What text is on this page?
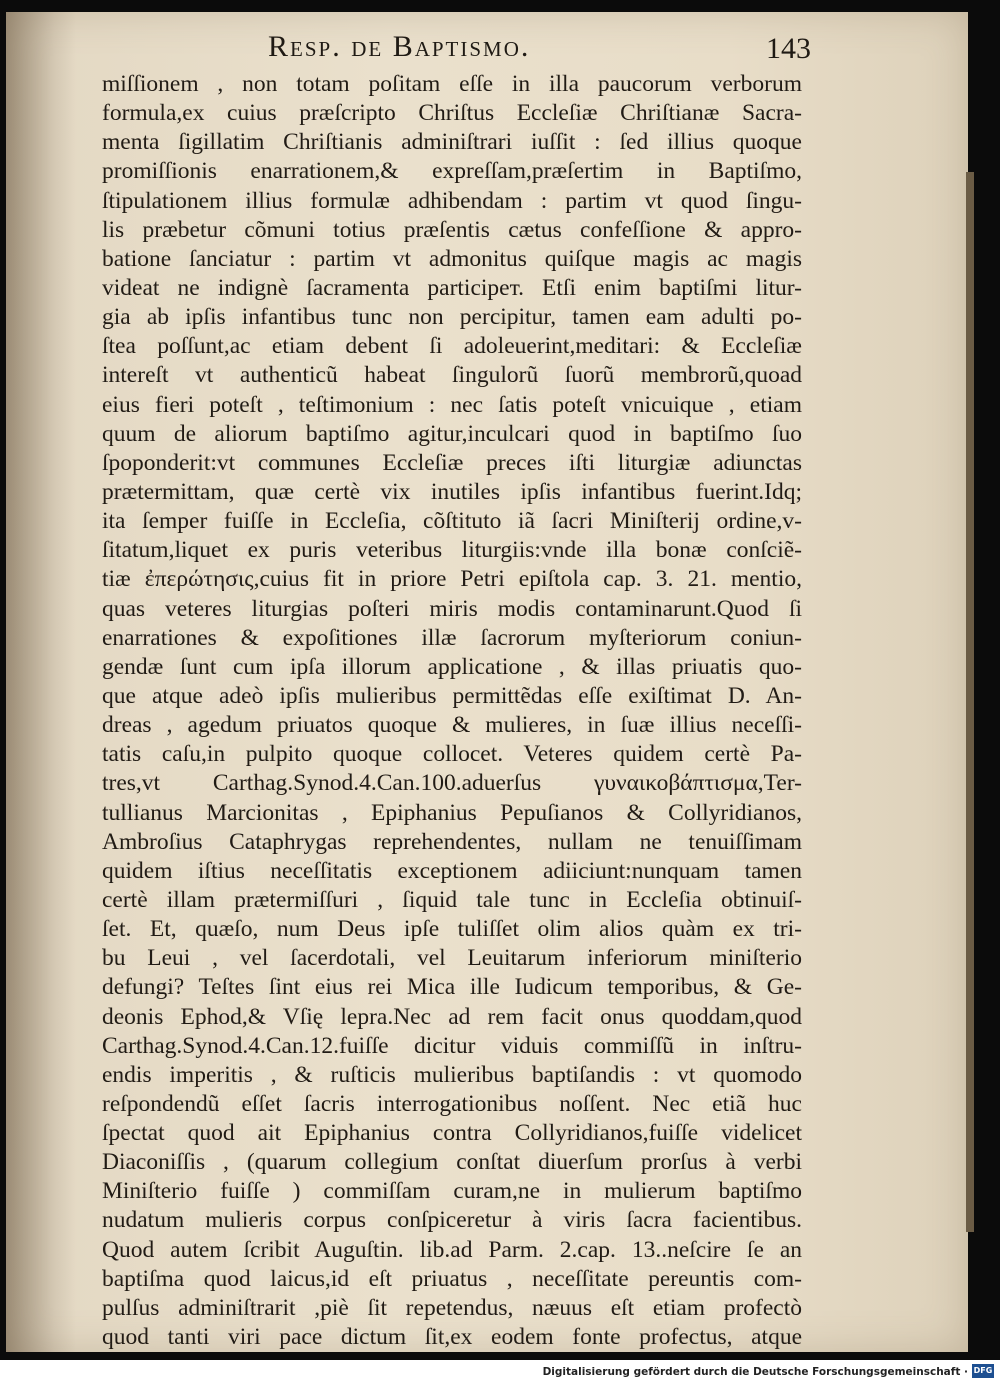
Resp. de Baptismo.	143
miſſionem , non totam poſitam eſſe in illa paucorum verborum
formula,ex cuius præſcripto Chriſtus Eccleſiæ Chriſtianæ Sacra-
menta ſigillatim Chriſtianis adminiſtrari iuſſit : ſed illius quoque
promiſſionis enarrationem,& expreſſam,præſertim in Baptiſmo,
ſtipulationem illius formulæ adhibendam : partim vt quod ſingu-
lis præbetur cõmuni totius præſentis cætus confeſſione & appro-
batione ſanciatur : partim vt admonitus quiſque magis ac magis
videat ne indignè ſacramenta particiрет. Etſi enim baptiſmi litur-
gia ab ipſis infantibus tunc non percipitur, tamen eam adulti po-
ſtea poſſunt,ac etiam debent ſi adoleuerint,meditari: & Eccleſiæ
intereſt vt authenticũ habeat ſingulorũ ſuorũ membrorũ,quoad
eius fieri poteſt , teſtimonium : nec ſatis poteſt vnicuique , etiam
quum de aliorum baptiſmo agitur,inculcari quod in baptiſmo ſuo
ſpoponderit:vt communes Eccleſiæ preces iſti liturgiæ adiunctas
prætermittam, quæ certè vix inutiles ipſis infantibus fuerint.Idq;
ita ſemper fuiſſe in Eccleſia, cõſtituto iã ſacri Miniſterij ordine,v-
ſitatum,liquet ex puris veteribus liturgiis:vnde illa bonæ conſciẽ-
tiæ ἐπερώτησις,cuius fit in priore Petri epiſtola cap. 3. 21. mentio,
quas veteres liturgias poſteri miris modis contaminarunt.Quod ſi
enarrationes & expoſitiones illæ ſacrorum myſteriorum coniun-
gendæ ſunt cum ipſa illorum applicatione , & illas priuatis quo-
que atque adeò ipſis mulieribus permittẽdas eſſe exiſtimat D. An-
dreas , agedum priuatos quoque & mulieres, in ſuæ illius neceſſi-
tatis caſu,in pulpito quoque collocet. Veteres quidem certè Pa-
tres,vt Carthag.Synod.4.Can.100.aduerſus γυναικοβάπτισμα,Ter-
tullianus Marcionitas , Epiphanius Pepuſianos & Collyridianos,
Ambroſius Cataphrygas reprehendentes, nullam ne tenuiſſimam
quidem iſtius neceſſitatis exceptionem adiiciunt:nunquam tamen
certè illam prætermiſſuri , ſiquid tale tunc in Eccleſia obtinuiſ-
ſet. Et, quæſo, num Deus ipſe tuliſſet olim alios quàm ex tri-
bu Leui , vel ſacerdotali, vel Leuitarum inferiorum miniſterio
defungi? Teſtes ſint eius rei Mica ille Iudicum temporibus, & Ge-
deonis Ephod,& Vſię lepra.Nec ad rem facit onus quoddam,quod
Carthag.Synod.4.Can.12.fuiſſe dicitur viduis commiſſũ in inſtru-
endis imperitis , & ruſticis mulieribus baptiſandis : vt quomodo
reſpondendũ eſſet ſacris interrogationibus noſſent. Nec etiã huc
ſpectat quod ait Epiphanius contra Collyridianos,fuiſſe videlicet
Diaconiſſis , (quarum collegium conſtat diuerſum prorſus à verbi
Miniſterio fuiſſe ) commiſſam curam,ne in mulierum baptiſmo
nudatum mulieris corpus conſpiceretur à viris ſacra facientibus.
Quod autem ſcribit Auguſtin. lib.ad Parm. 2.cap. 13..neſcire ſe an
baptiſma quod laicus,id eſt priuatus , neceſſitate pereuntis com-
pulſus adminiſtrarit ,piè ſit repetendus, næuus eſt etiam profectò
quod tanti viri pace dictum ſit,ex eodem fonte profectus, atque
Digitalisierung gefördert durch die Deutsche Forschungsgemeinschaft · DFG
